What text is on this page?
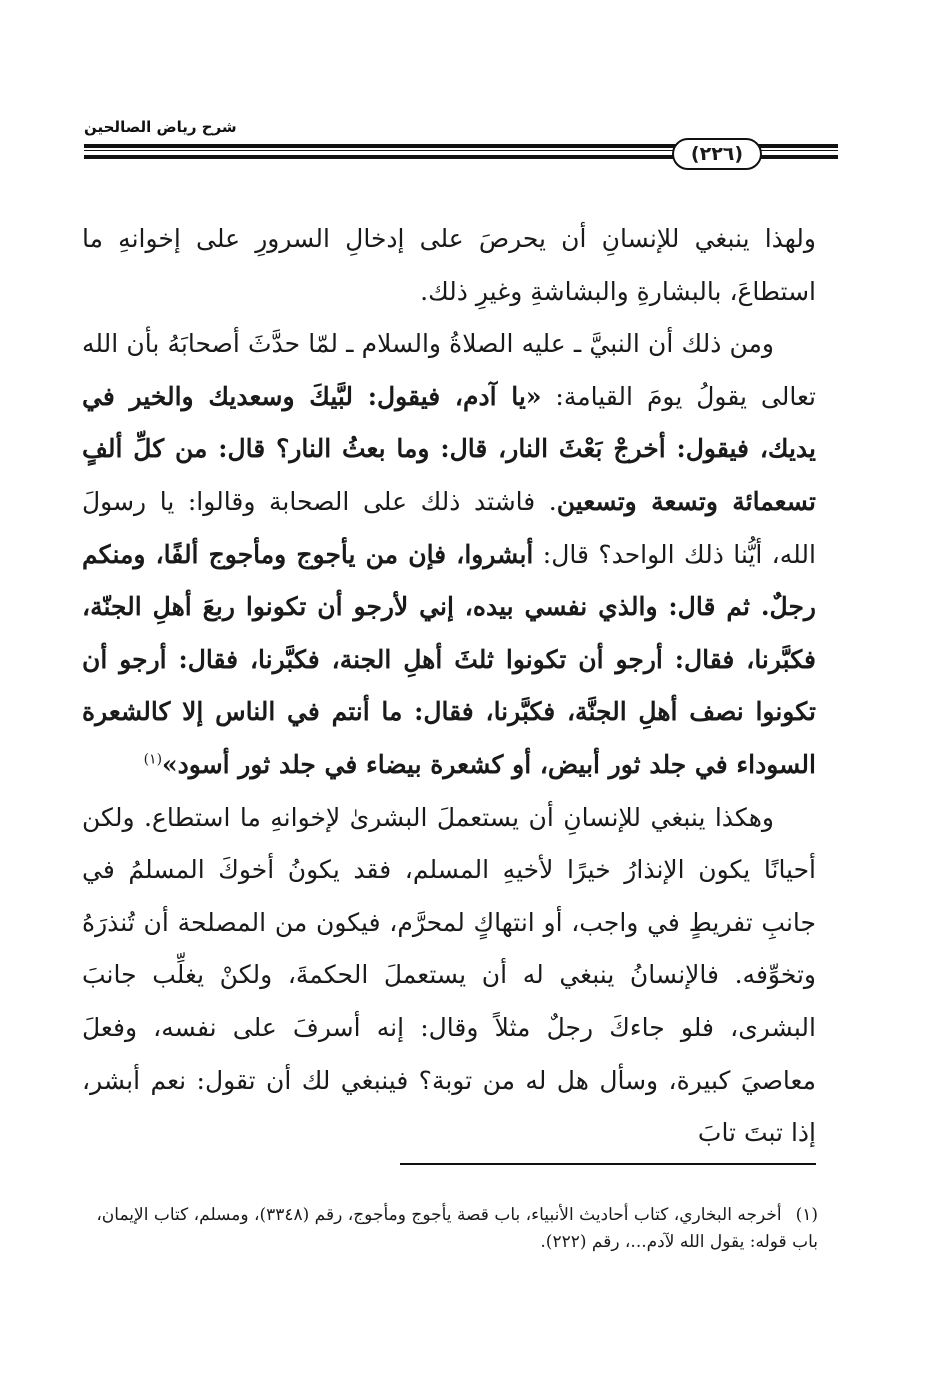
شرح رياض الصالحين
(٢٢٦)

ولهذا ينبغي للإنسانِ أن يحرصَ على إدخالِ السرورِ على إخوانهِ ما استطاعَ، بالبشارةِ والبشاشةِ وغيرِ ذلك.

ومن ذلك أن النبيَّ ـ عليه الصلاةُ والسلام ـ لمّا حدَّثَ أصحابَهُ بأن الله تعالى يقولُ يومَ القيامة: «يا آدم، فيقول: لبَّيكَ وسعديك والخير في يديك، فيقول: أخرجْ بَعْثَ النار، قال: وما بعثُ النار؟ قال: من كلِّ ألفٍ تسعمائة وتسعة وتسعين. فاشتد ذلك على الصحابة وقالوا: يا رسولَ الله، أيُّنا ذلك الواحد؟ قال: أبشروا، فإن من يأجوج ومأجوج ألفًا، ومنكم رجلٌ. ثم قال: والذي نفسي بيده، إني لأرجو أن تكونوا ربعَ أهلِ الجنّة، فكبَّرنا، فقال: أرجو أن تكونوا ثلثَ أهلِ الجنة، فكبَّرنا، فقال: أرجو أن تكونوا نصف أهلِ الجنَّة، فكبَّرنا، فقال: ما أنتم في الناس إلا كالشعرة السوداء في جلد ثور أبيض، أو كشعرة بيضاء في جلد ثور أسود»$^{(١)}$

وهكذا ينبغي للإنسانِ أن يستعملَ البشرىٰ لإخوانهِ ما استطاع. ولكن أحيانًا يكون الإنذارُ خيرًا لأخيهِ المسلم، فقد يكونُ أخوكَ المسلمُ في جانبِ تفريطٍ في واجب، أو انتهاكٍ لمحرَّم، فيكون من المصلحة أن تُنذرَهُ وتخوِّفه. فالإنسانُ ينبغي له أن يستعملَ الحكمةَ، ولكنْ يغلِّب جانبَ البشرى، فلو جاءكَ رجلٌ مثلاً وقال: إنه أسرفَ على نفسه، وفعلَ معاصيَ كبيرة، وسأل هل له من توبة؟ فينبغي لك أن تقول: نعم أبشر، إذا تبتَ تابَ

(١)أخرجه البخاري، كتاب أحاديث الأنبياء، باب قصة يأجوج ومأجوج، رقم (٣٣٤٨)، ومسلم، كتاب الإيمان، باب قوله: يقول الله لآدم...، رقم (٢٢٢).
